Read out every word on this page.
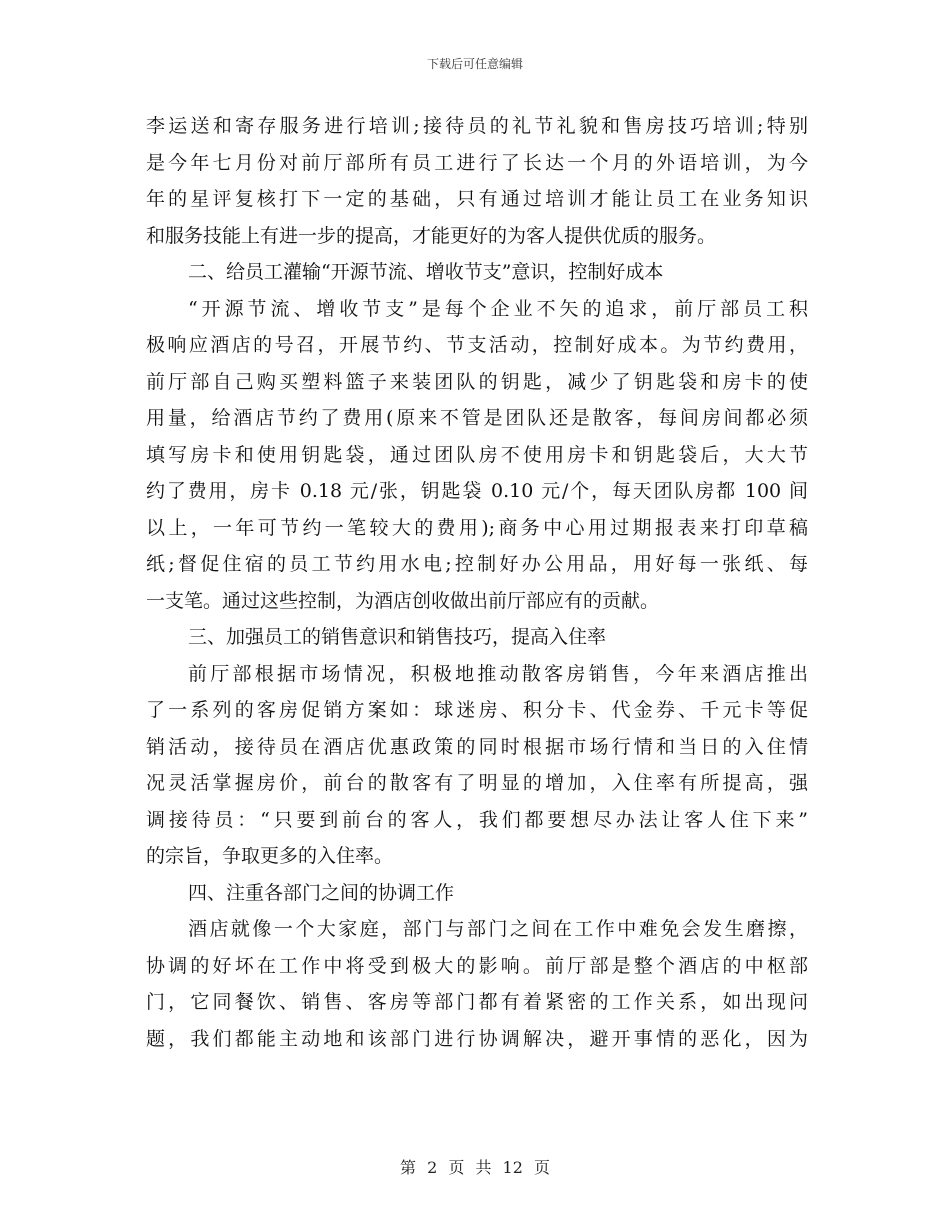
下载后可任意编辑
李运送和寄存服务进行培训;接待员的礼节礼貌和售房技巧培训;特别
是今年七月份对前厅部所有员工进行了长达一个月的外语培训，为今
年的星评复核打下一定的基础，只有通过培训才能让员工在业务知识
和服务技能上有进一步的提高，才能更好的为客人提供优质的服务。
二、给员工灌输“开源节流、增收节支”意识，控制好成本
“开源节流、增收节支”是每个企业不矢的追求，前厅部员工积
极响应酒店的号召，开展节约、节支活动，控制好成本。为节约费用，
前厅部自己购买塑料篮子来装团队的钥匙，减少了钥匙袋和房卡的使
用量，给酒店节约了费用(原来不管是团队还是散客，每间房间都必须
填写房卡和使用钥匙袋，通过团队房不使用房卡和钥匙袋后，大大节
约了费用，房卡 0.18 元/张，钥匙袋 0.10 元/个，每天团队房都 100 间
以上，一年可节约一笔较大的费用);商务中心用过期报表来打印草稿
纸;督促住宿的员工节约用水电;控制好办公用品，用好每一张纸、每
一支笔。通过这些控制，为酒店创收做出前厅部应有的贡献。
三、加强员工的销售意识和销售技巧，提高入住率
前厅部根据市场情况，积极地推动散客房销售，今年来酒店推出
了一系列的客房促销方案如：球迷房、积分卡、代金券、千元卡等促
销活动，接待员在酒店优惠政策的同时根据市场行情和当日的入住情
况灵活掌握房价，前台的散客有了明显的增加，入住率有所提高，强
调接待员：“只要到前台的客人，我们都要想尽办法让客人住下来”
的宗旨，争取更多的入住率。
四、注重各部门之间的协调工作
酒店就像一个大家庭，部门与部门之间在工作中难免会发生磨擦，
协调的好坏在工作中将受到极大的影响。前厅部是整个酒店的中枢部
门，它同餐饮、销售、客房等部门都有着紧密的工作关系，如出现问
题，我们都能主动地和该部门进行协调解决，避开事情的恶化，因为
第 2 页 共 12 页
